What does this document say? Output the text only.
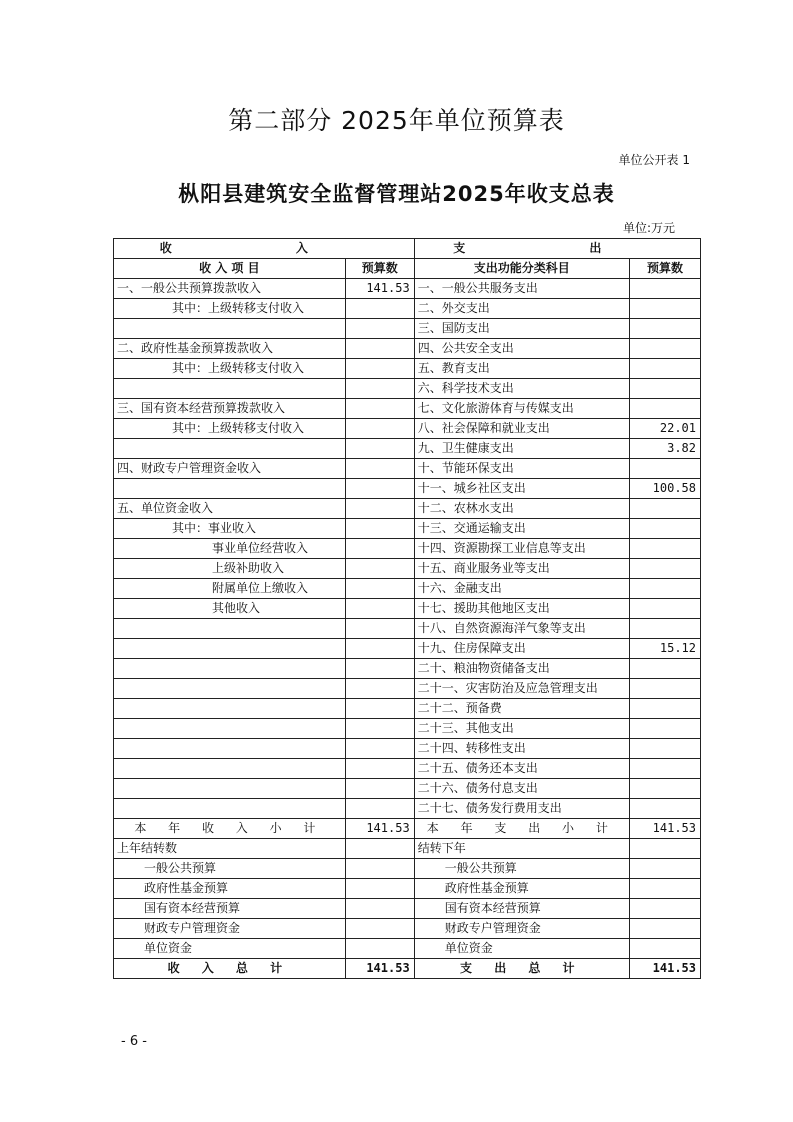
第二部分 2025年单位预算表
单位公开表 1
枞阳县建筑安全监督管理站2025年收支总表
单位:万元
收 入		支 出	
收 入 项 目	预算数	支出功能分类科目	预算数
一、一般公共预算拨款收入	141.53	一、一般公共服务支出	
其中：上级转移支付收入		二、外交支出	
		三、国防支出	
二、政府性基金预算拨款收入		四、公共安全支出	
其中：上级转移支付收入		五、教育支出	
		六、科学技术支出	
三、国有资本经营预算拨款收入		七、文化旅游体育与传媒支出	
其中：上级转移支付收入		八、社会保障和就业支出	22.01
		九、卫生健康支出	3.82
四、财政专户管理资金收入		十、节能环保支出	
		十一、城乡社区支出	100.58
五、单位资金收入		十二、农林水支出	
其中：事业收入		十三、交通运输支出	
事业单位经营收入		十四、资源勘探工业信息等支出	
上级补助收入		十五、商业服务业等支出	
附属单位上缴收入		十六、金融支出	
其他收入		十七、援助其他地区支出	
		十八、自然资源海洋气象等支出	
		十九、住房保障支出	15.12
		二十、粮油物资储备支出	
		二十一、灾害防治及应急管理支出	
		二十二、预备费	
		二十三、其他支出	
		二十四、转移性支出	
		二十五、债务还本支出	
		二十六、债务付息支出	
		二十七、债务发行费用支出	
本 年 收 入 小 计	141.53	本 年 支 出 小 计	141.53
上年结转数		结转下年	
一般公共预算		一般公共预算	
政府性基金预算		政府性基金预算	
国有资本经营预算		国有资本经营预算	
财政专户管理资金		财政专户管理资金	
单位资金		单位资金	
收 入 总 计	141.53	支 出 总 计	141.53
- 6 -
